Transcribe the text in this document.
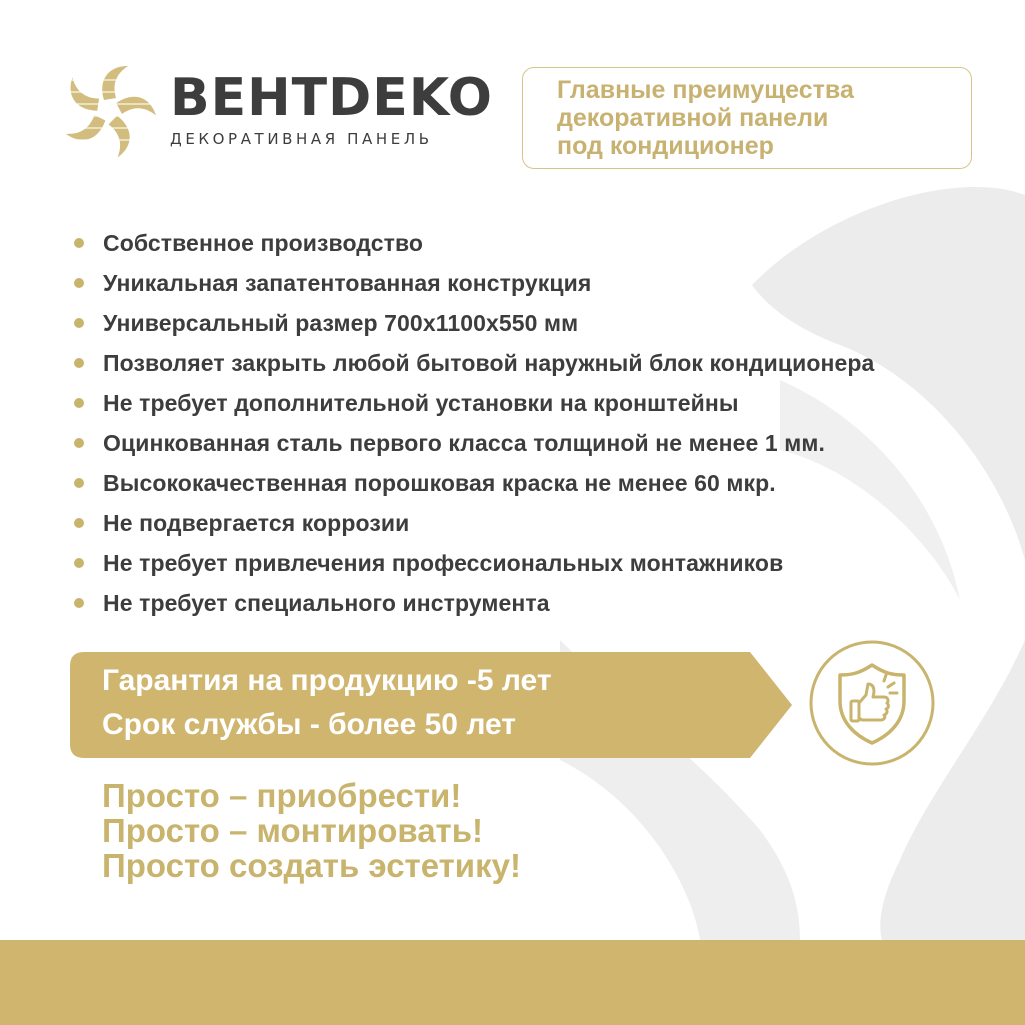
ВЕНТDEKO
ДЕКОРАТИВНАЯ ПАНЕЛЬ
Главные преимущества
декоративной панели
под кондиционер
Собственное производство
Уникальная запатентованная конструкция
Универсальный размер 700х1100х550 мм
Позволяет закрыть любой бытовой наружный блок кондиционера
Не требует дополнительной установки на кронштейны
Оцинкованная сталь первого класса толщиной не менее 1 мм.
Высококачественная порошковая краска не менее 60 мкр.
Не подвергается коррозии
Не требует привлечения профессиональных монтажников
Не требует специального инструмента
Гарантия на продукцию -5 лет
Срок службы - более 50 лет
Просто – приобрести!
Просто – монтировать!
Просто создать эстетику!
